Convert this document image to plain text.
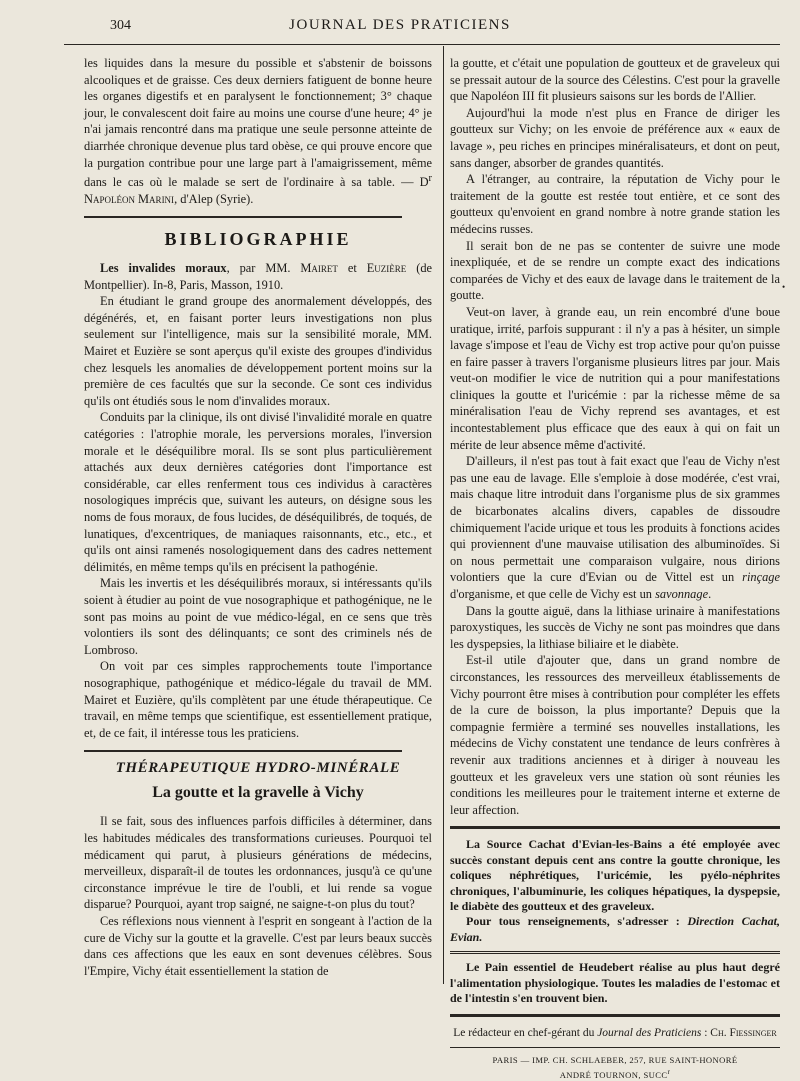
304	JOURNAL DES PRATICIENS

les liquides dans la mesure du possible et s'abstenir de boissons alcooliques et de graisse. Ces deux derniers fatiguent de bonne heure les organes digestifs et en paralysent le fonctionnement; 3° chaque jour, le convalescent doit faire au moins une course d'une heure; 4° je n'ai jamais rencontré dans ma pratique une seule personne atteinte de diarrhée chronique devenue plus tard obèse, ce qui prouve encore que la purgation contribue pour une large part à l'amaigrissement, même dans le cas où le malade se sert de l'ordinaire à sa table. — $D^r$ Napoléon Marini, d'Alep (Syrie).

BIBLIOGRAPHIE

Les invalides moraux, par MM. Mairet et Euzière (de Montpellier). In-8, Paris, Masson, 1910.

En étudiant le grand groupe des anormalement développés, des dégénérés, et, en faisant porter leurs investigations non plus seulement sur l'intelligence, mais sur la sensibilité morale, MM. Mairet et Euzière se sont aperçus qu'il existe des groupes d'individus chez lesquels les anomalies de développement portent moins sur la première de ces facultés que sur la seconde. Ce sont ces individus qu'ils ont étudiés sous le nom d'invalides moraux.

Conduits par la clinique, ils ont divisé l'invalidité morale en quatre catégories : l'atrophie morale, les perversions morales, l'inversion morale et le déséquilibre moral. Ils se sont plus particulièrement attachés aux deux dernières catégories dont l'importance est considérable, car elles renferment tous ces individus à caractères nosologiques imprécis que, suivant les auteurs, on désigne sous les noms de fous moraux, de fous lucides, de déséquilibrés, de toqués, de lunatiques, d'excentriques, de maniaques raisonnants, etc., etc., et qu'ils ont ainsi ramenés nosologiquement dans des cadres nettement délimités, en même temps qu'ils en précisent la pathogénie.

Mais les invertis et les déséquilibrés moraux, si intéressants qu'ils soient à étudier au point de vue nosographique et pathogénique, ne le sont pas moins au point de vue médico-légal, en ce sens que très volontiers ils sont des délinquants; ce sont des criminels nés de Lombroso.

On voit par ces simples rapprochements toute l'importance nosographique, pathogénique et médico-légale du travail de MM. Mairet et Euzière, qu'ils complètent par une étude thérapeutique. Ce travail, en même temps que scientifique, est essentiellement pratique, et, de ce fait, il intéresse tous les praticiens.

THÉRAPEUTIQUE HYDRO-MINÉRALE
La goutte et la gravelle à Vichy

Il se fait, sous des influences parfois difficiles à déterminer, dans les habitudes médicales des transformations curieuses. Pourquoi tel médicament qui parut, à plusieurs générations de médecins, merveilleux, disparaît-il de toutes les ordonnances, jusqu'à ce qu'une circonstance imprévue le tire de l'oubli, et lui rende sa vogue disparue? Pourquoi, ayant trop saigné, ne saigne-t-on plus du tout?

Ces réflexions nous viennent à l'esprit en songeant à l'action de la cure de Vichy sur la goutte et la gravelle. C'est par leurs beaux succès dans ces affections que les eaux en sont devenues célèbres. Sous l'Empire, Vichy était essentiellement la station de

la goutte, et c'était une population de goutteux et de graveleux qui se pressait autour de la source des Célestins. C'est pour la gravelle que Napoléon III fit plusieurs saisons sur les bords de l'Allier.

Aujourd'hui la mode n'est plus en France de diriger les goutteux sur Vichy; on les envoie de préférence aux « eaux de lavage », peu riches en principes minéralisateurs, et dont on peut, sans danger, absorber de grandes quantités.

A l'étranger, au contraire, la réputation de Vichy pour le traitement de la goutte est restée tout entière, et ce sont des goutteux qu'envoient en grand nombre à notre grande station les médecins russes.

Il serait bon de ne pas se contenter de suivre une mode inexpliquée, et de se rendre un compte exact des indications comparées de Vichy et des eaux de lavage dans le traitement de la goutte.

Veut-on laver, à grande eau, un rein encombré d'une boue uratique, irrité, parfois suppurant : il n'y a pas à hésiter, un simple lavage s'impose et l'eau de Vichy est trop active pour qu'on puisse en faire passer à travers l'organisme plusieurs litres par jour. Mais veut-on modifier le vice de nutrition qui a pour manifestations cliniques la goutte et l'uricémie : par la richesse même de sa minéralisation l'eau de Vichy reprend ses avantages, et est incontestablement plus efficace que des eaux à qui on fait un mérite de leur absence même d'activité.

D'ailleurs, il n'est pas tout à fait exact que l'eau de Vichy n'est pas une eau de lavage. Elle s'emploie à dose modérée, c'est vrai, mais chaque litre introduit dans l'organisme plus de six grammes de bicarbonates alcalins divers, capables de dissoudre chimiquement l'acide urique et tous les produits à fonctions acides qui proviennent d'une mauvaise utilisation des albuminoïdes. Si on nous permettait une comparaison vulgaire, nous dirions volontiers que la cure d'Evian ou de Vittel est un rinçage d'organisme, et que celle de Vichy est un savonnage.

Dans la goutte aiguë, dans la lithiase urinaire à manifestations paroxystiques, les succès de Vichy ne sont pas moindres que dans les dyspepsies, la lithiase biliaire et le diabète.

Est-il utile d'ajouter que, dans un grand nombre de circonstances, les ressources des merveilleux établissements de Vichy pourront être mises à contribution pour compléter les effets de la cure de boisson, la plus importante? Depuis que la compagnie fermière a terminé ses nouvelles installations, les médecins de Vichy constatent une tendance de leurs confrères à revenir aux traditions anciennes et à diriger à nouveau les goutteux et les graveleux vers une station où sont réunies les conditions les meilleures pour le traitement interne et externe de leur affection.

La Source Cachat d'Evian-les-Bains a été employée avec succès constant depuis cent ans contre la goutte chronique, les coliques néphrétiques, l'uricémie, les pyélo-néphrites chroniques, l'albuminurie, les coliques hépatiques, la dyspepsie, le diabète des goutteux et des graveleux.

Pour tous renseignements, s'adresser : Direction Cachat, Evian.

Le Pain essentiel de Heudebert réalise au plus haut degré l'alimentation physiologique. Toutes les maladies de l'estomac et de l'intestin s'en trouvent bien.

Le rédacteur en chef-gérant du Journal des Praticiens : Ch. Fiessinger
PARIS — IMP. CH. SCHLAEBER, 257, RUE SAINT-HONORÉ
ANDRÉ TOURNON, SUCC$^r$
•
